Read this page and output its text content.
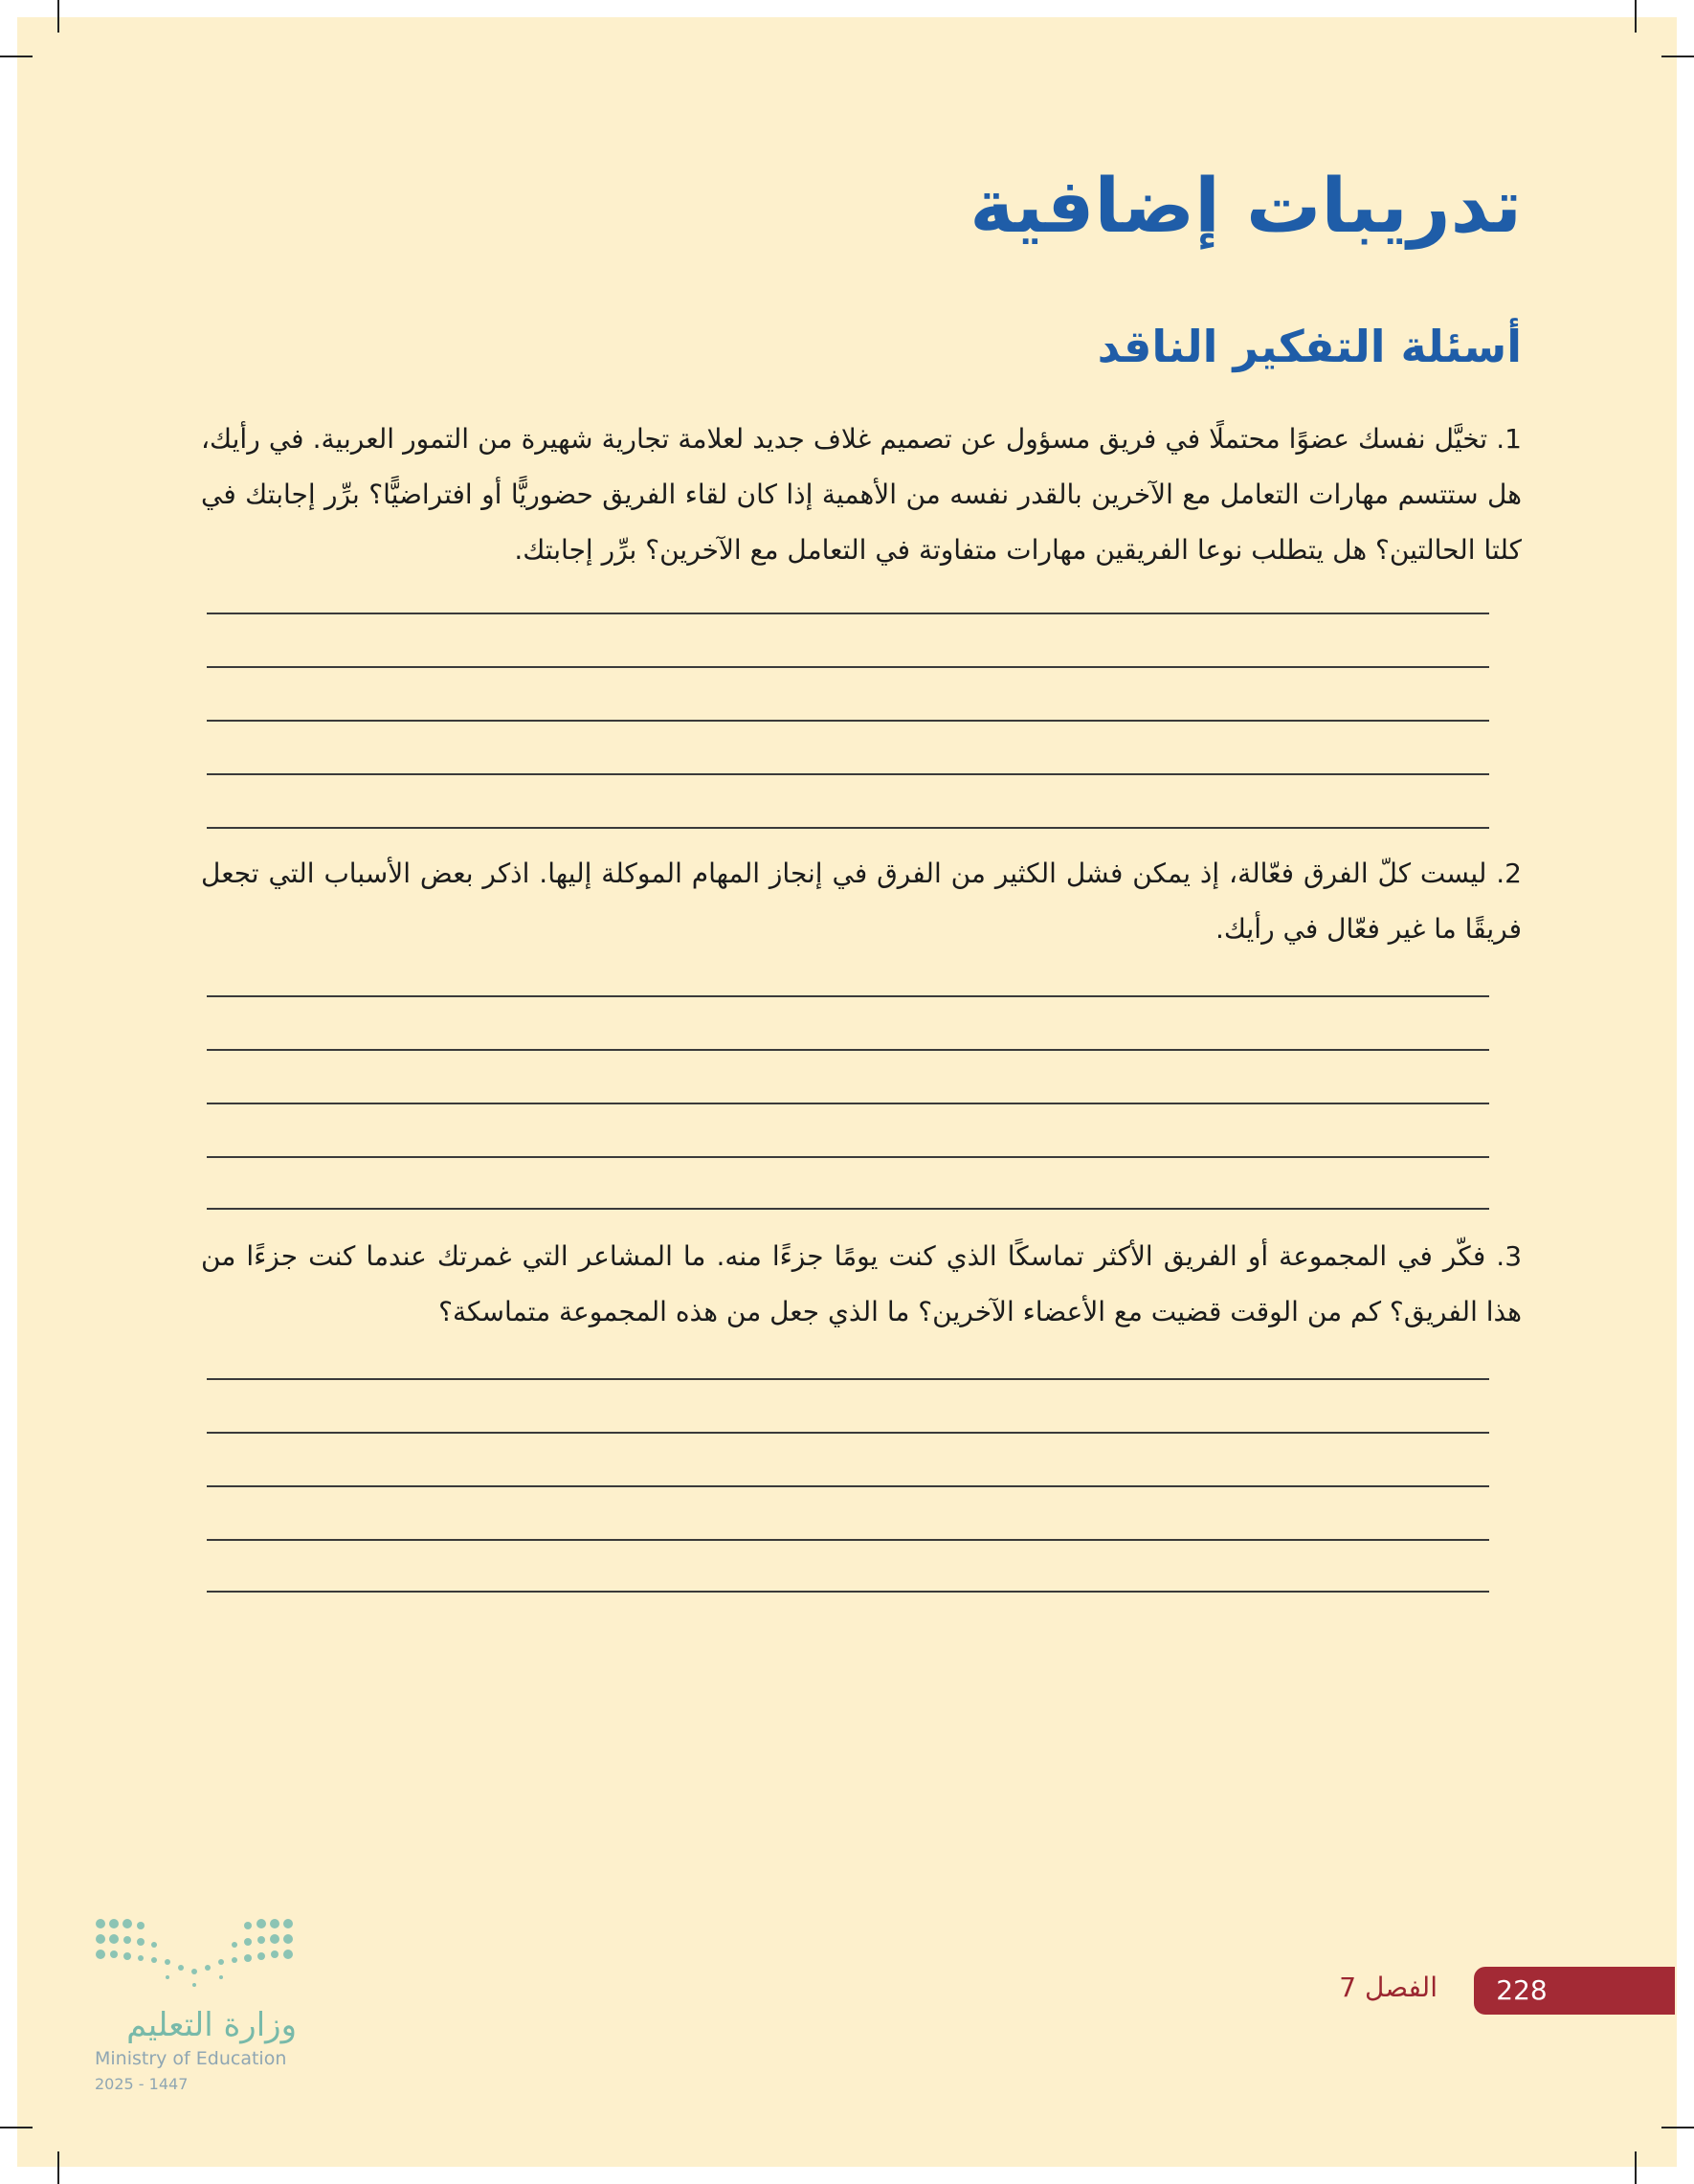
تدريبات إضافية
أسئلة التفكير الناقد

1. تخيَّل نفسك عضوًا محتملًا في فريق مسؤول عن تصميم غلاف جديد لعلامة تجارية شهيرة من التمور العربية. في رأيك، هل ستتسم مهارات التعامل مع الآخرين بالقدر نفسه من الأهمية إذا كان لقاء الفريق حضوريًّا أو افتراضيًّا؟ برِّر إجابتك في كلتا الحالتين؟ هل يتطلب نوعا الفريقين مهارات متفاوتة في التعامل مع الآخرين؟ برِّر إجابتك.

2. ليست كلّ الفرق فعّالة، إذ يمكن فشل الكثير من الفرق في إنجاز المهام الموكلة إليها. اذكر بعض الأسباب التي تجعل فريقًا ما غير فعّال في رأيك.

3. فكّر في المجموعة أو الفريق الأكثر تماسكًا الذي كنت يومًا جزءًا منه. ما المشاعر التي غمرتك عندما كنت جزءًا من هذا الفريق؟ كم من الوقت قضيت مع الأعضاء الآخرين؟ ما الذي جعل من هذه المجموعة متماسكة؟

وزارة التعليم
Ministry of Education
2025 - 1447
الفصل 7	228
